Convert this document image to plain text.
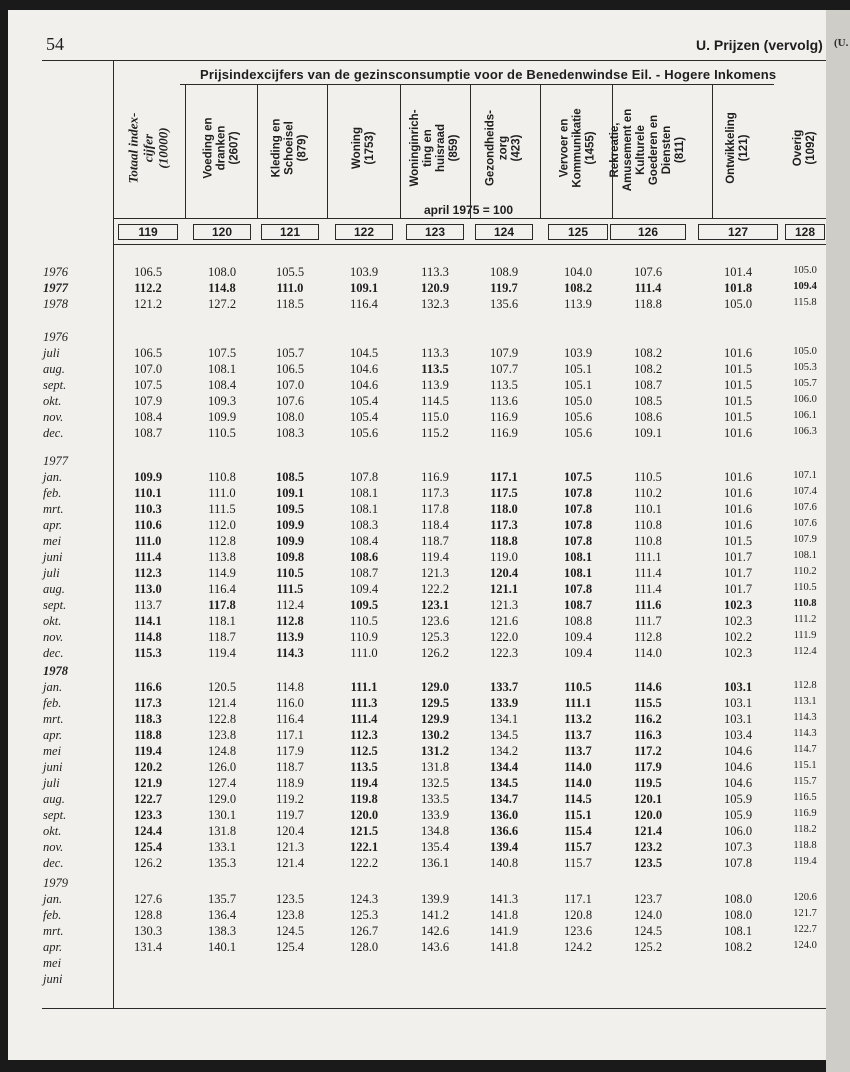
(U.
54	U. Prijzen (vervolg)
Prijsindexcijfers van de gezinsconsumptie voor de Benedenwindse Eil. - Hogere Inkomens
april 1975 = 100
Totaal index-
cijfer
(10000)
119
Voeding en
dranken
(2607)
120
Kleding en
Schoeisel
(879)
121
Woning
(1753)
122
Woninginrich-
ting en
huisraad
(859)
123
Gezondheids-
zorg
(423)
124
Vervoer en
Kommunikatie
(1455)
125
Rekreatie,
Amusement en
Kulturele
Goederen en
Diensten
(811)
126
Ontwikkeling
(121)
127
Overig
(1092)
128
1976	106.5	108.0	105.5	103.9	113.3	108.9	104.0	107.6	101.4	105.0
1977	112.2	114.8	111.0	109.1	120.9	119.7	108.2	111.4	101.8	109.4
1978	121.2	127.2	118.5	116.4	132.3	135.6	113.9	118.8	105.0	115.8
1976
juli	106.5	107.5	105.7	104.5	113.3	107.9	103.9	108.2	101.6	105.0
aug.	107.0	108.1	106.5	104.6	113.5	107.7	105.1	108.2	101.5	105.3
sept.	107.5	108.4	107.0	104.6	113.9	113.5	105.1	108.7	101.5	105.7
okt.	107.9	109.3	107.6	105.4	114.5	113.6	105.0	108.5	101.5	106.0
nov.	108.4	109.9	108.0	105.4	115.0	116.9	105.6	108.6	101.5	106.1
dec.	108.7	110.5	108.3	105.6	115.2	116.9	105.6	109.1	101.6	106.3
1977
jan.	109.9	110.8	108.5	107.8	116.9	117.1	107.5	110.5	101.6	107.1
feb.	110.1	111.0	109.1	108.1	117.3	117.5	107.8	110.2	101.6	107.4
mrt.	110.3	111.5	109.5	108.1	117.8	118.0	107.8	110.1	101.6	107.6
apr.	110.6	112.0	109.9	108.3	118.4	117.3	107.8	110.8	101.6	107.6
mei	111.0	112.8	109.9	108.4	118.7	118.8	107.8	110.8	101.5	107.9
juni	111.4	113.8	109.8	108.6	119.4	119.0	108.1	111.1	101.7	108.1
juli	112.3	114.9	110.5	108.7	121.3	120.4	108.1	111.4	101.7	110.2
aug.	113.0	116.4	111.5	109.4	122.2	121.1	107.8	111.4	101.7	110.5
sept.	113.7	117.8	112.4	109.5	123.1	121.3	108.7	111.6	102.3	110.8
okt.	114.1	118.1	112.8	110.5	123.6	121.6	108.8	111.7	102.3	111.2
nov.	114.8	118.7	113.9	110.9	125.3	122.0	109.4	112.8	102.2	111.9
dec.	115.3	119.4	114.3	111.0	126.2	122.3	109.4	114.0	102.3	112.4
1978
jan.	116.6	120.5	114.8	111.1	129.0	133.7	110.5	114.6	103.1	112.8
feb.	117.3	121.4	116.0	111.3	129.5	133.9	111.1	115.5	103.1	113.1
mrt.	118.3	122.8	116.4	111.4	129.9	134.1	113.2	116.2	103.1	114.3
apr.	118.8	123.8	117.1	112.3	130.2	134.5	113.7	116.3	103.4	114.3
mei	119.4	124.8	117.9	112.5	131.2	134.2	113.7	117.2	104.6	114.7
juni	120.2	126.0	118.7	113.5	131.8	134.4	114.0	117.9	104.6	115.1
juli	121.9	127.4	118.9	119.4	132.5	134.5	114.0	119.5	104.6	115.7
aug.	122.7	129.0	119.2	119.8	133.5	134.7	114.5	120.1	105.9	116.5
sept.	123.3	130.1	119.7	120.0	133.9	136.0	115.1	120.0	105.9	116.9
okt.	124.4	131.8	120.4	121.5	134.8	136.6	115.4	121.4	106.0	118.2
nov.	125.4	133.1	121.3	122.1	135.4	139.4	115.7	123.2	107.3	118.8
dec.	126.2	135.3	121.4	122.2	136.1	140.8	115.7	123.5	107.8	119.4
1979
jan.	127.6	135.7	123.5	124.3	139.9	141.3	117.1	123.7	108.0	120.6
feb.	128.8	136.4	123.8	125.3	141.2	141.8	120.8	124.0	108.0	121.7
mrt.	130.3	138.3	124.5	126.7	142.6	141.9	123.6	124.5	108.1	122.7
apr.	131.4	140.1	125.4	128.0	143.6	141.8	124.2	125.2	108.2	124.0
mei
juni
